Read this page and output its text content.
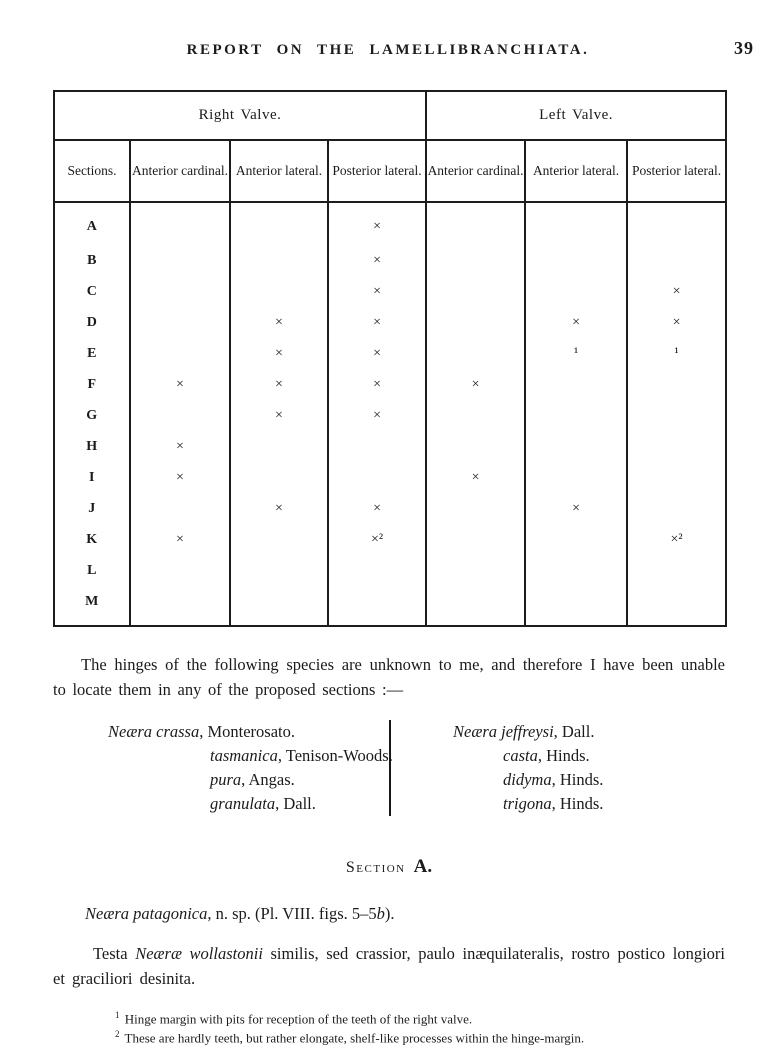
REPORT ON THE LAMELLIBRANCHIATA.	39
Right Valve.				Left Valve.		
Sections.	Anterior cardinal.	Anterior lateral.	Posterior lateral.	Anterior cardinal.	Anterior lateral.	Posterior lateral.
A			×			
B			×			
C			×			×
D		×	×		×	×
E		×	×		¹	¹
F	×	×	×	×		
G		×	×			
H	×					
I	×			×		
J		×	×		×	
K	×		×²			×²
L						
M						

The hinges of the following species are unknown to me, and therefore I have been unable to locate them in any of the proposed sections :—

Neæra crassa, Monterosato.
tasmanica, Tenison-Woods.
pura, Angas.
granulata, Dall.
Neæra jeffreysi, Dall.
casta, Hinds.
didyma, Hinds.
trigona, Hinds.
Section A.
Neæra patagonica, n. sp. (Pl. VIII. figs. 5–5b).

Testa Neæræ wollastonii similis, sed crassior, paulo inæquilateralis, rostro postico longiori et graciliori desinita.

$^1$ Hinge margin with pits for reception of the teeth of the right valve.
$^2$ These are hardly teeth, but rather elongate, shelf-like processes within the hinge-margin.
